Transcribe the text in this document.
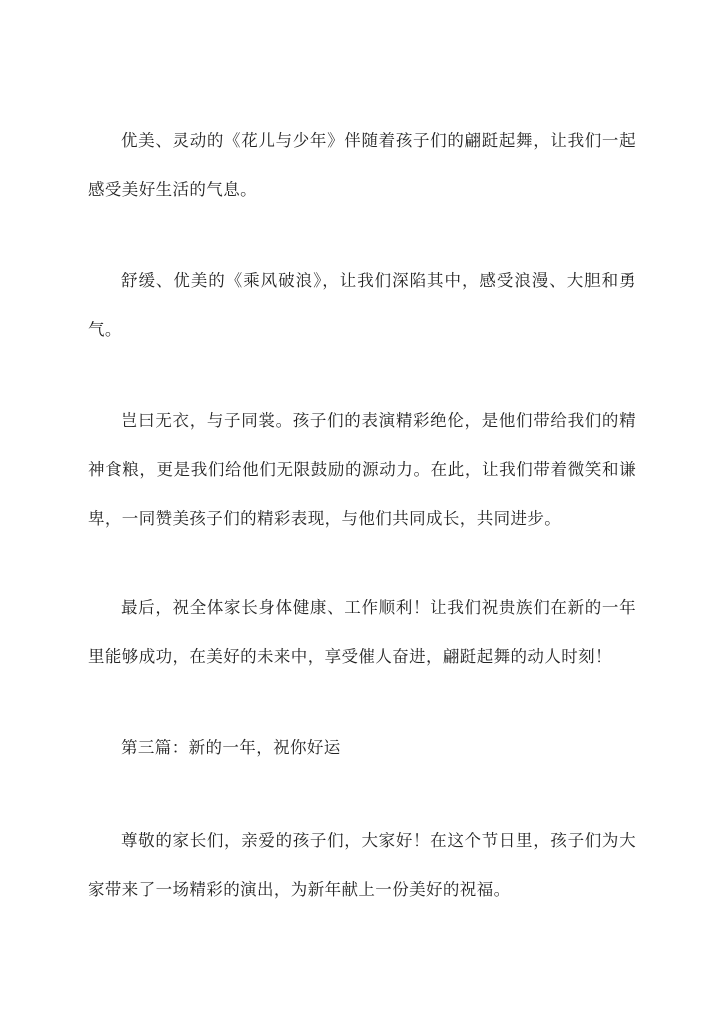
优美、灵动的《花儿与少年》伴随着孩子们的翩跹起舞，让我们一起感受美好生活的气息。

舒缓、优美的《乘风破浪》，让我们深陷其中，感受浪漫、大胆和勇气。

岂曰无衣，与子同裳。孩子们的表演精彩绝伦，是他们带给我们的精神食粮，更是我们给他们无限鼓励的源动力。在此，让我们带着微笑和谦卑，一同赞美孩子们的精彩表现，与他们共同成长，共同进步。

最后，祝全体家长身体健康、工作顺利！让我们祝贵族们在新的一年里能够成功，在美好的未来中，享受催人奋进，翩跹起舞的动人时刻！

第三篇：新的一年，祝你好运

尊敬的家长们，亲爱的孩子们，大家好！在这个节日里，孩子们为大家带来了一场精彩的演出，为新年献上一份美好的祝福。
